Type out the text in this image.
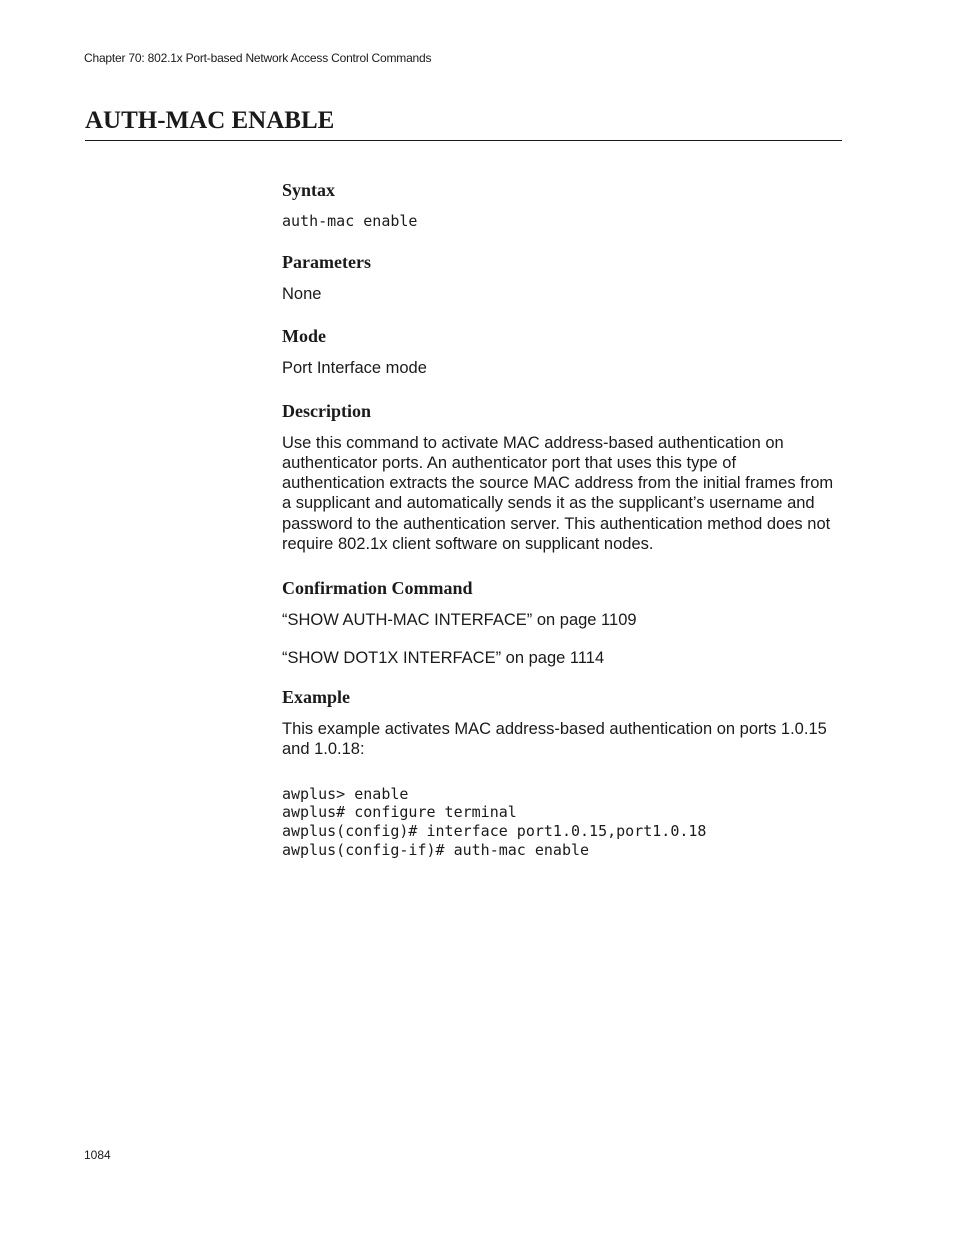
Chapter 70: 802.1x Port-based Network Access Control Commands
AUTH-MAC ENABLE
Syntax
auth-mac enable
Parameters
None
Mode
Port Interface mode
Description
Use this command to activate MAC address-based authentication on authenticator ports. An authenticator port that uses this type of authentication extracts the source MAC address from the initial frames from a supplicant and automatically sends it as the supplicant’s username and password to the authentication server. This authentication method does not require 802.1x client software on supplicant nodes.
Confirmation Command
“SHOW AUTH-MAC INTERFACE” on page 1109
“SHOW DOT1X INTERFACE” on page 1114
Example
This example activates MAC address-based authentication on ports 1.0.15 and 1.0.18:
awplus> enable
awplus# configure terminal
awplus(config)# interface port1.0.15,port1.0.18
awplus(config-if)# auth-mac enable
1084
